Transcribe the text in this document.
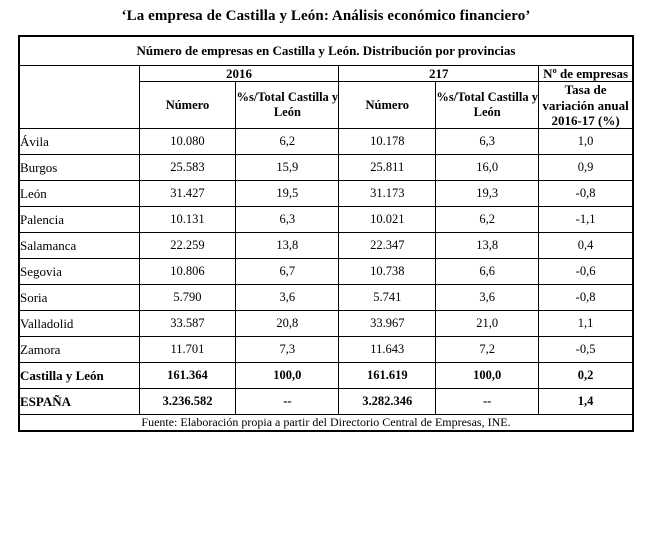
‘La empresa de Castilla y León: Análisis económico financiero’
Número de empresas en Castilla y León. Distribución por provincias					
	2016		217		Nº de empresas
	Número	%s/Total Castilla y León	Número	%s/Total Castilla y León	Tasa de variación anual 2016-17 (%)
Ávila	10.080	6,2	10.178	6,3	1,0
Burgos	25.583	15,9	25.811	16,0	0,9
León	31.427	19,5	31.173	19,3	-0,8
Palencia	10.131	6,3	10.021	6,2	-1,1
Salamanca	22.259	13,8	22.347	13,8	0,4
Segovia	10.806	6,7	10.738	6,6	-0,6
Soria	5.790	3,6	5.741	3,6	-0,8
Valladolid	33.587	20,8	33.967	21,0	1,1
Zamora	11.701	7,3	11.643	7,2	-0,5
Castilla y León	161.364	100,0	161.619	100,0	0,2
ESPAÑA	3.236.582	--	3.282.346	--	1,4
Fuente: Elaboración propia a partir del Directorio Central de Empresas, INE.					
